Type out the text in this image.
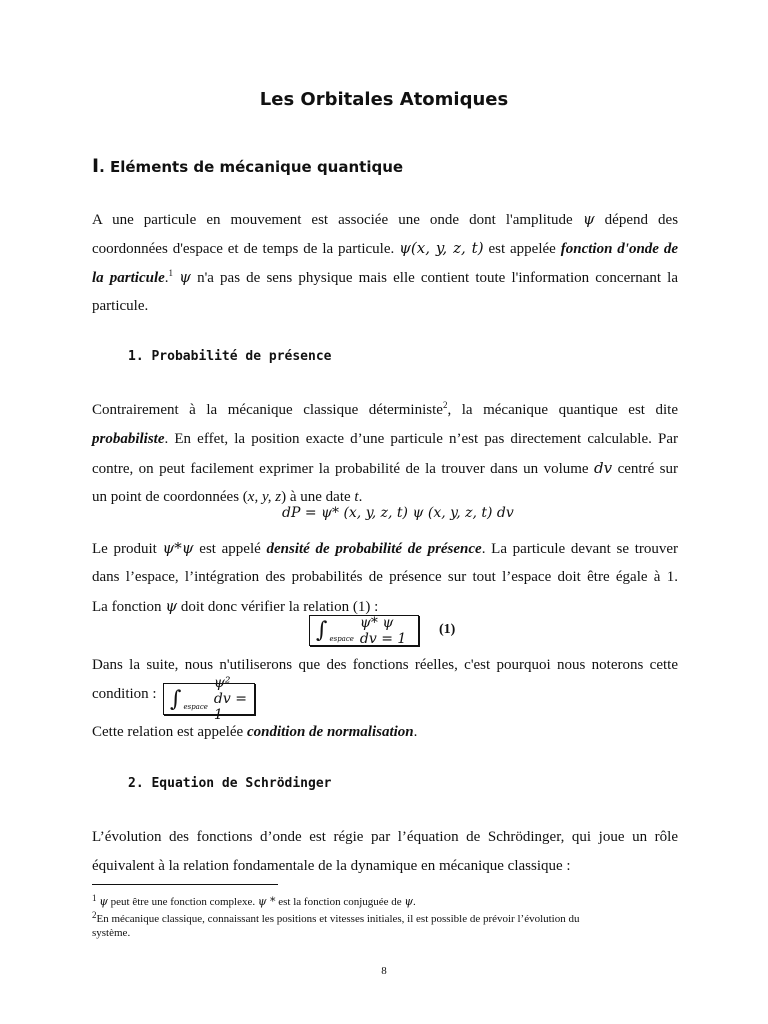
Les Orbitales Atomiques
I. Eléments de mécanique quantique
A une particule en mouvement est associée une onde dont l'amplitude ψ dépend des
coordonnées d'espace et de temps de la particule. ψ(x, y, z, t) est appelée fonction d'onde de
la particule.$^1$ ψ n'a pas de sens physique mais elle contient toute l'information concernant la
particule.
1. Probabilité de présence
Contrairement à la mécanique classique déterministe$^2$, la mécanique quantique est dite
probabiliste. En effet, la position exacte d’une particule n’est pas directement calculable. Par
contre, on peut facilement exprimer la probabilité de la trouver dans un volume dv centré sur
un point de coordonnées (x, y, z) à une date t.
dP = ψ* (x, y, z, t) ψ (x, y, z, t) dv
Le produit ψ*ψ est appelé densité de probabilité de présence. La particule devant se trouver
dans l’espace, l’intégration des probabilités de présence sur tout l’espace doit être égale à 1.
La fonction ψ doit donc vérifier la relation (1) :
∫ espace
ψ* ψ dv = 1
(1)
Dans la suite, nous n'utiliserons que des fonctions réelles, c'est pourquoi nous noterons cette
condition : ∫ espace
ψ² dv = 1
Cette relation est appelée condition de normalisation.
2. Equation de Schrödinger
L’évolution des fonctions d’onde est régie par l’équation de Schrödinger, qui joue un rôle
équivalent à la relation fondamentale de la dynamique en mécanique classique :
$^1$ ψ peut être une fonction complexe. ψ * est la fonction conjuguée de ψ.
$^2$En mécanique classique, connaissant les positions et vitesses initiales, il est possible de prévoir l’évolution du
système.
8
